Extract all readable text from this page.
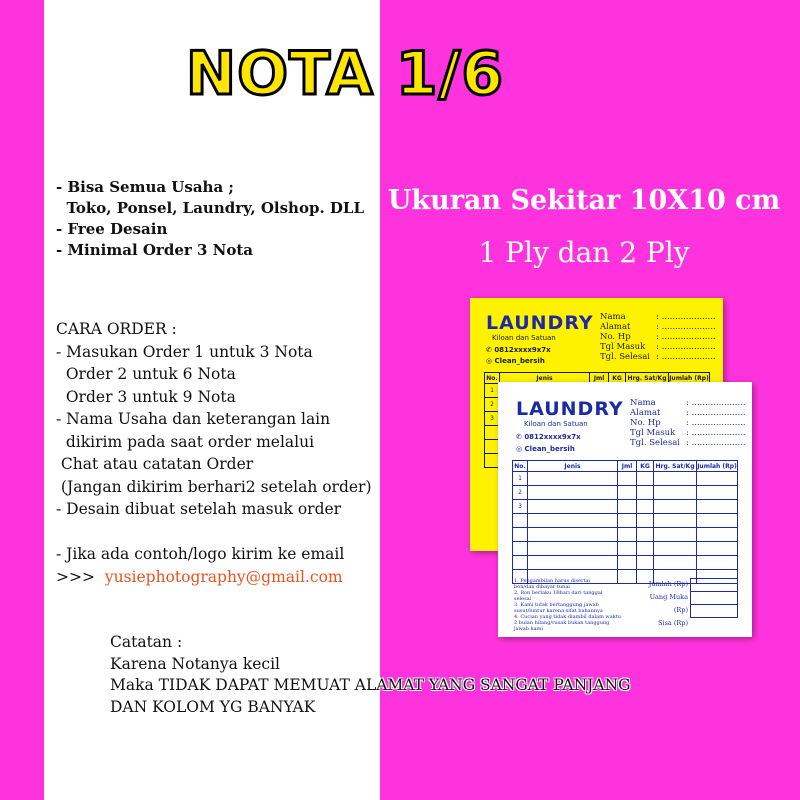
NOTA 1/6
- Bisa Semua Usaha ;
Toko, Ponsel, Laundry, Olshop. DLL
- Free Desain
- Minimal Order 3 Nota
Ukuran Sekitar 10X10 cm
1 Ply dan 2 Ply
CARA ORDER :
- Masukan Order 1 untuk 3 Nota
Order 2 untuk 6 Nota
Order 3 untuk 9 Nota
- Nama Usaha dan keterangan lain
dikirim pada saat order melalui
Chat atau catatan Order
(Jangan dikirim berhari2 setelah order)
- Desain dibuat setelah masuk order

- Jika ada contoh/logo kirim ke email
>>>  yusiephotography@gmail.com
Catatan :
Karena Notanya kecil
Maka TIDAK DAPAT MEMUAT ALAMAT YANG SANGAT PANJANG
DAN KOLOM YG BANYAK
LAUNDRY
Kiloan dan Satuan
✆ 0812xxxx9x7x
◎ Clean_bersih
Nama	: ....................
Alamat	: ....................
No. Hp	: ....................
Tgl Masuk	: ....................
Tgl. Selesai : ....................
No.	Jenis	Jml	KG	Hrg. Sat/Kg	Jumlah (Rp)
1					
2					
3					

					LAUNDRY
Kiloan dan Satuan
✆ 0812xxxx9x7x
◎ Clean_bersih
Nama	: ....................
Alamat	: ....................
No. Hp	: ....................
Tgl Masuk	: ....................
Tgl. Selesai : ....................
No.	Jenis	Jml	KG	Hrg. Sat/Kg	Jumlah (Rp)
1					
2					
3					

1. Pengambilan harus disertai
bon/dan dibayar tunai
2. Bon berlaku 1Bhari dari tanggal
selesai
3. Kami tidak bertanggung jawab
susut/luntur karena sifat bahannya
4. Cucian yang tidak diambil dalam waktu
2 bulan hilang/rusak bukan tanggung
jawab kami
Jumlah (Rp)
Uang Muka (Rp)
Sisa (Rp)
